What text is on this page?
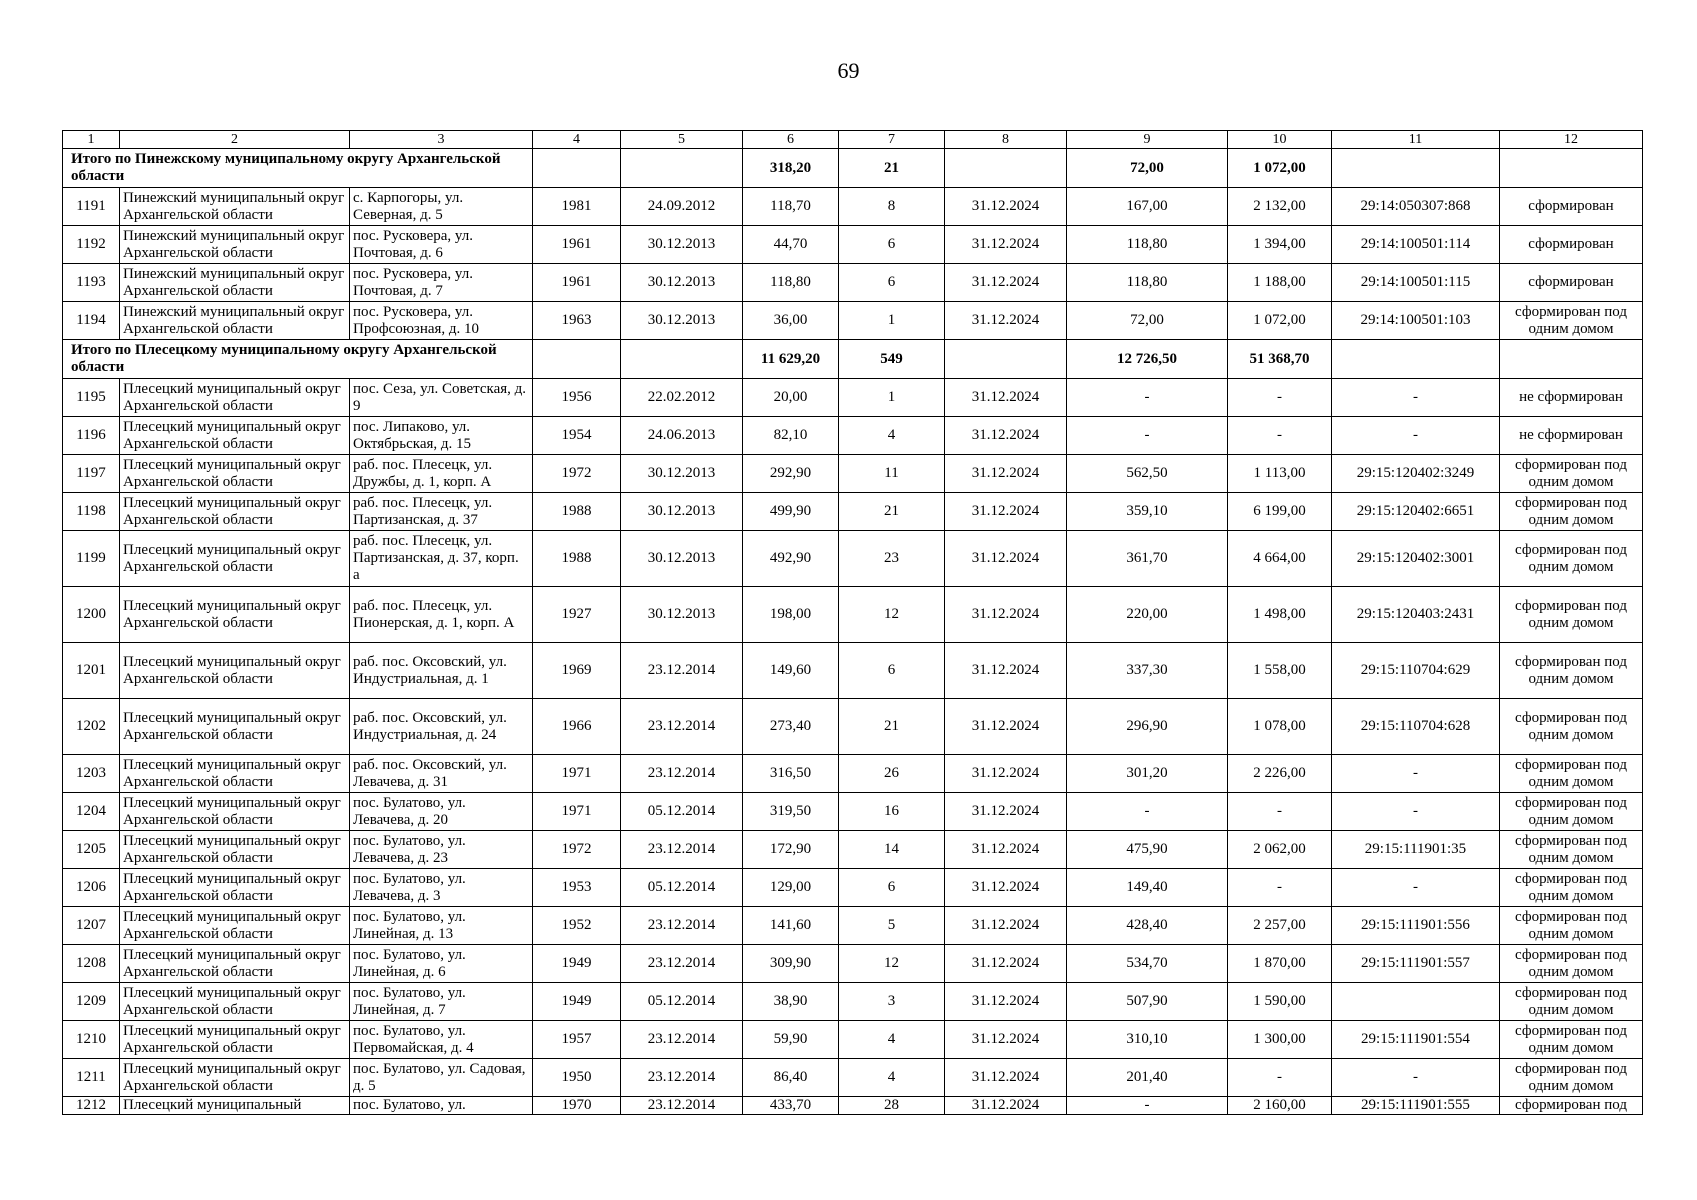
69
1	2	3	4	5	6	7	8	9	10	11	12
Итого по Пинежскому муниципальному округу Архангельской области					318,20	21		72,00	1 072,00		
1191	Пинежский муниципальный округ Архангельской области	с. Карпогоры, ул. Северная, д. 5	1981	24.09.2012	118,70	8	31.12.2024	167,00	2 132,00	29:14:050307:868	сформирован
1192	Пинежский муниципальный округ Архангельской области	пос. Русковера, ул. Почтовая, д. 6	1961	30.12.2013	44,70	6	31.12.2024	118,80	1 394,00	29:14:100501:114	сформирован
1193	Пинежский муниципальный округ Архангельской области	пос. Русковера, ул. Почтовая, д. 7	1961	30.12.2013	118,80	6	31.12.2024	118,80	1 188,00	29:14:100501:115	сформирован
1194	Пинежский муниципальный округ Архангельской области	пос. Русковера, ул. Профсоюзная, д. 10	1963	30.12.2013	36,00	1	31.12.2024	72,00	1 072,00	29:14:100501:103	сформирован под одним домом
Итого по Плесецкому муниципальному округу Архангельской области					11 629,20	549		12 726,50	51 368,70		
1195	Плесецкий муниципальный округ Архангельской области	пос. Сеза, ул. Советская, д. 9	1956	22.02.2012	20,00	1	31.12.2024	-	-	-	не сформирован
1196	Плесецкий муниципальный округ Архангельской области	пос. Липаково, ул. Октябрьская, д. 15	1954	24.06.2013	82,10	4	31.12.2024	-	-	-	не сформирован
1197	Плесецкий муниципальный округ Архангельской области	раб. пос. Плесецк, ул. Дружбы, д. 1, корп. А	1972	30.12.2013	292,90	11	31.12.2024	562,50	1 113,00	29:15:120402:3249	сформирован под одним домом
1198	Плесецкий муниципальный округ Архангельской области	раб. пос. Плесецк, ул. Партизанская, д. 37	1988	30.12.2013	499,90	21	31.12.2024	359,10	6 199,00	29:15:120402:6651	сформирован под одним домом
1199	Плесецкий муниципальный округ Архангельской области	раб. пос. Плесецк, ул. Партизанская, д. 37, корп. а	1988	30.12.2013	492,90	23	31.12.2024	361,70	4 664,00	29:15:120402:3001	сформирован под одним домом
1200	Плесецкий муниципальный округ Архангельской области	раб. пос. Плесецк, ул. Пионерская, д. 1, корп. А	1927	30.12.2013	198,00	12	31.12.2024	220,00	1 498,00	29:15:120403:2431	сформирован под одним домом
1201	Плесецкий муниципальный округ Архангельской области	раб. пос. Оксовский, ул. Индустриальная, д. 1	1969	23.12.2014	149,60	6	31.12.2024	337,30	1 558,00	29:15:110704:629	сформирован под одним домом
1202	Плесецкий муниципальный округ Архангельской области	раб. пос. Оксовский, ул. Индустриальная, д. 24	1966	23.12.2014	273,40	21	31.12.2024	296,90	1 078,00	29:15:110704:628	сформирован под одним домом
1203	Плесецкий муниципальный округ Архангельской области	раб. пос. Оксовский, ул. Левачева, д. 31	1971	23.12.2014	316,50	26	31.12.2024	301,20	2 226,00	-	сформирован под одним домом
1204	Плесецкий муниципальный округ Архангельской области	пос. Булатово, ул. Левачева, д. 20	1971	05.12.2014	319,50	16	31.12.2024	-	-	-	сформирован под одним домом
1205	Плесецкий муниципальный округ Архангельской области	пос. Булатово, ул. Левачева, д. 23	1972	23.12.2014	172,90	14	31.12.2024	475,90	2 062,00	29:15:111901:35	сформирован под одним домом
1206	Плесецкий муниципальный округ Архангельской области	пос. Булатово, ул. Левачева, д. 3	1953	05.12.2014	129,00	6	31.12.2024	149,40	-	-	сформирован под одним домом
1207	Плесецкий муниципальный округ Архангельской области	пос. Булатово, ул. Линейная, д. 13	1952	23.12.2014	141,60	5	31.12.2024	428,40	2 257,00	29:15:111901:556	сформирован под одним домом
1208	Плесецкий муниципальный округ Архангельской области	пос. Булатово, ул. Линейная, д. 6	1949	23.12.2014	309,90	12	31.12.2024	534,70	1 870,00	29:15:111901:557	сформирован под одним домом
1209	Плесецкий муниципальный округ Архангельской области	пос. Булатово, ул. Линейная, д. 7	1949	05.12.2014	38,90	3	31.12.2024	507,90	1 590,00		сформирован под одним домом
1210	Плесецкий муниципальный округ Архангельской области	пос. Булатово, ул. Первомайская, д. 4	1957	23.12.2014	59,90	4	31.12.2024	310,10	1 300,00	29:15:111901:554	сформирован под одним домом
1211	Плесецкий муниципальный округ Архангельской области	пос. Булатово, ул. Садовая, д. 5	1950	23.12.2014	86,40	4	31.12.2024	201,40	-	-	сформирован под одним домом
1212	Плесецкий муниципальный	пос. Булатово, ул.	1970	23.12.2014	433,70	28	31.12.2024	-	2 160,00	29:15:111901:555	сформирован под
